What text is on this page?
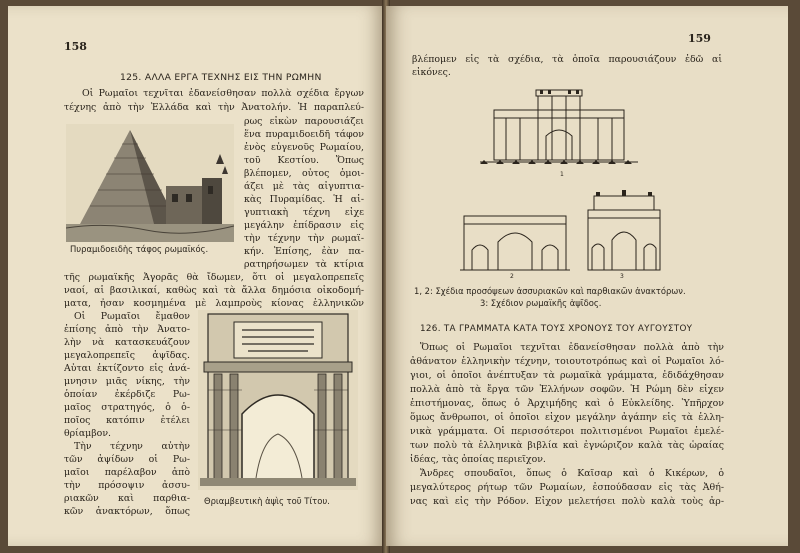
158
125. ΑΛΛΑ ΕΡΓΑ ΤΕΧΝΗΣ ΕΙΣ ΤΗΝ ΡΩΜΗΝ
Οἱ Ρωμαῖοι τεχνῖται ἐδανείσθησαν πολλὰ σχέδια ἔργων
τέχνης ἀπὸ τὴν Ἑλλάδα καὶ τὴν Ἀνατολήν. Ἡ παραπλεύ-
Πυραμιδοειδὴς τάφος ρωμαϊκός.
ρως εἰκὼν παρουσιάζει
ἕνα πυραμιδοειδῆ τάφον
ἑνὸς εὐγενοῦς Ρωμαίου,
τοῦ Κεστίου. Ὅπως
βλέπομεν, οὗτος ὁμοι-
άζει μὲ τὰς αἰγυπτια-
κὰς Πυραμίδας. Ἡ αἰ-
γυπτιακὴ τέχνη εἶχε
μεγάλην ἐπίδρασιν εἰς
τὴν τέχνην τὴν ρωμαϊ-
κήν. Ἐπίσης, ἐὰν πα-
ρατηρήσωμεν τὰ κτίρια
τῆς ρωμαϊκῆς Ἀγορᾶς θὰ ἴδωμεν, ὅτι οἱ μεγαλοπρεπεῖς
ναοί, αἱ βασιλικαί, καθὼς καὶ τὰ ἄλλα δημόσια οἰκοδομή-
ματα, ἦσαν κοσμημένα μὲ λαμπροὺς κίονας ἑλληνικῶν
Οἱ Ρωμαῖοι ἔμαθον
ἐπίσης ἀπὸ τὴν Ἀνατο-
λὴν νὰ κατασκευάζουν
μεγαλοπρεπεῖς ἁψῖδας.
Αὗται ἐκτίζοντο εἰς ἀνά-
μνησιν μιᾶς νίκης, τὴν
ὁποίαν ἐκέρδιζε Ρω-
μαῖος στρατηγός, ὁ ὁ-
ποῖος κατόπιν ἐτέλει
θρίαμβον.
Τὴν τέχνην αὐτὴν
τῶν ἁψίδων οἱ Ρω-
μαῖοι παρέλαβον ἀπὸ
τὴν πρόσοψιν ἀσσυ-
ριακῶν καὶ παρθια-
κῶν ἀνακτόρων, ὅπως
Θριαμβευτικὴ ἁψὶς τοῦ Τίτου.
159
βλέπομεν εἰς τὰ σχέδια, τὰ ὁποῖα παρουσιάζουν ἐδῶ αἱ
εἰκόνες.
1
2	3
1, 2: Σχέδια προσόψεων ἀσσυριακῶν καὶ παρθιακῶν ἀνακτόρων.
3: Σχέδιον ρωμαϊκῆς ἁψῖδος.
126. ΤΑ ΓΡΑΜΜΑΤΑ ΚΑΤΑ ΤΟΥΣ ΧΡΟΝΟΥΣ ΤΟΥ ΑΥΓΟΥΣΤΟΥ
Ὅπως οἱ Ρωμαῖοι τεχνῖται ἐδανείσθησαν πολλὰ ἀπὸ τὴν
ἀθάνατον ἑλληνικὴν τέχνην, τοιουτοτρόπως καὶ οἱ Ρωμαῖοι λό-
γιοι, οἱ ὁποῖοι ἀνέπτυξαν τὰ ρωμαϊκὰ γράμματα, ἐδιδάχθησαν
πολλὰ ἀπὸ τὰ ἔργα τῶν Ἑλλήνων σοφῶν. Ἡ Ρώμη δὲν εἶχεν
ἐπιστήμονας, ὅπως ὁ Ἀρχιμήδης καὶ ὁ Εὐκλείδης. Ὑπῆρχον
ὅμως ἄνθρωποι, οἱ ὁποῖοι εἶχον μεγάλην ἀγάπην εἰς τὰ ἑλλη-
νικὰ γράμματα. Οἱ περισσότεροι πολιτισμένοι Ρωμαῖοι ἐμελέ-
των πολὺ τὰ ἑλληνικὰ βιβλία καὶ ἐγνώριζον καλὰ τὰς ὡραίας
ἰδέας, τὰς ὁποίας περιεῖχον.
Ἄνδρες σπουδαῖοι, ὅπως ὁ Καῖσαρ καὶ ὁ Κικέρων, ὁ
μεγαλύτερος ρήτωρ τῶν Ρωμαίων, ἐσπούδασαν εἰς τὰς Ἀθή-
νας καὶ εἰς τὴν Ρόδον. Εἶχον μελετήσει πολὺ καλὰ τοὺς ἀρ-
